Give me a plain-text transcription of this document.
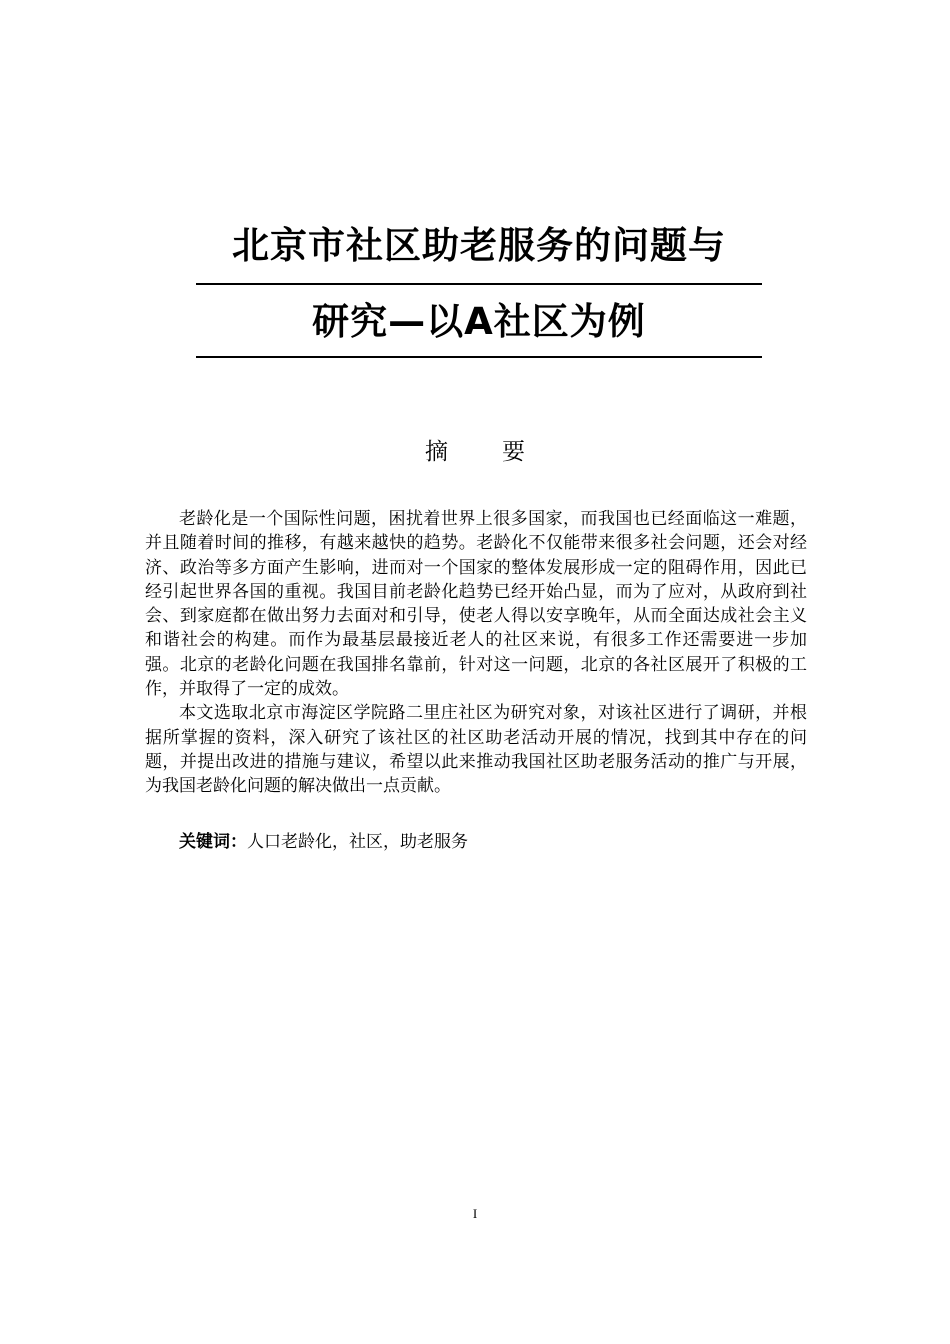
北京市社区助老服务的问题与
研究—以A社区为例
摘 要

老龄化是一个国际性问题，困扰着世界上很多国家，而我国也已经面临这一难题，并且随着时间的推移，有越来越快的趋势。老龄化不仅能带来很多社会问题，还会对经济、政治等多方面产生影响，进而对一个国家的整体发展形成一定的阻碍作用，因此已经引起世界各国的重视。我国目前老龄化趋势已经开始凸显，而为了应对，从政府到社会、到家庭都在做出努力去面对和引导，使老人得以安享晚年，从而全面达成社会主义和谐社会的构建。而作为最基层最接近老人的社区来说，有很多工作还需要进一步加强。北京的老龄化问题在我国排名靠前，针对这一问题，北京的各社区展开了积极的工作，并取得了一定的成效。

本文选取北京市海淀区学院路二里庄社区为研究对象，对该社区进行了调研，并根据所掌握的资料，深入研究了该社区的社区助老活动开展的情况，找到其中存在的问题，并提出改进的措施与建议，希望以此来推动我国社区助老服务活动的推广与开展，为我国老龄化问题的解决做出一点贡献。

关键词：人口老龄化，社区，助老服务
I
